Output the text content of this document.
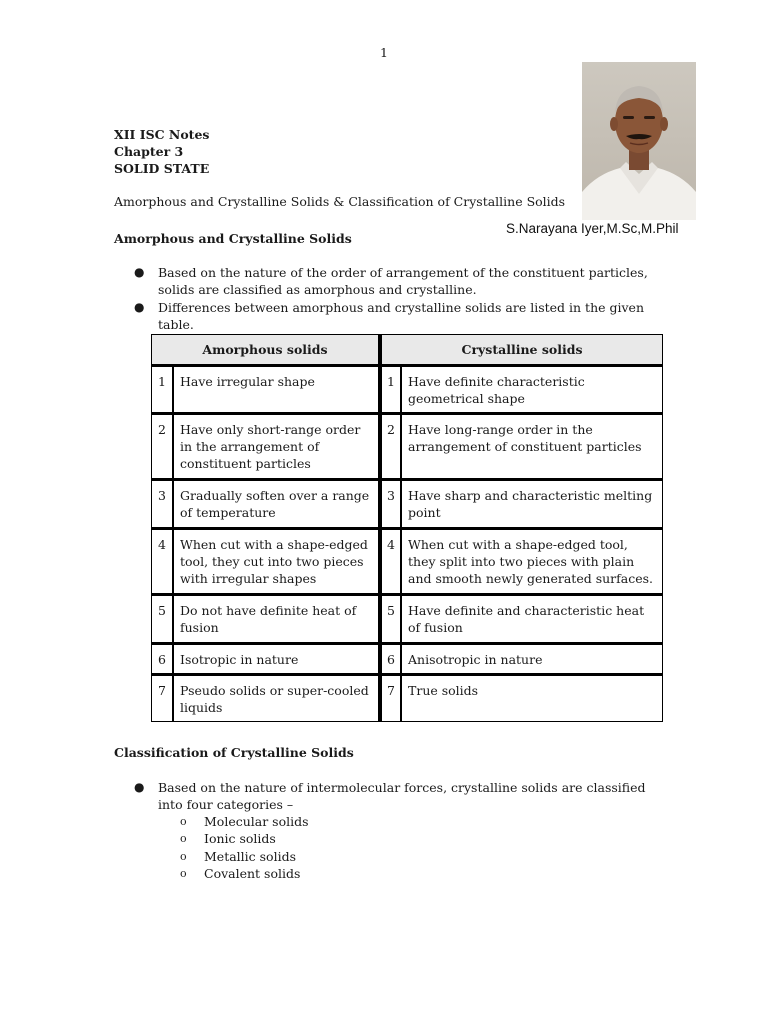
1
XII ISC Notes
Chapter 3
SOLID STATE
Amorphous and Crystalline Solids & Classification of Crystalline Solids
S.Narayana Iyer,M.Sc,M.Phil
Amorphous and Crystalline Solids
● Based on the nature of the order of arrangement of the constituent particles, solids are classified as amorphous and crystalline.
● Differences between amorphous and crystalline solids are listed in the given table.
Amorphous solids		Crystalline solids	
1	Have irregular shape	1	Have definite characteristic geometrical shape
2	Have only short-range order in the arrangement of constituent particles	2	Have long-range order in the arrangement of constituent particles
3	Gradually soften over a range of temperature	3	Have sharp and characteristic melting point
4	When cut with a shape-edged tool, they cut into two pieces with irregular shapes	4	When cut with a shape-edged tool, they split into two pieces with plain and smooth newly generated surfaces.
5	Do not have definite heat of fusion	5	Have definite and characteristic heat of fusion
6	Isotropic in nature	6	Anisotropic in nature
7	Pseudo solids or super-cooled liquids	7	True solids
Classification of Crystalline Solids
● Based on the nature of intermolecular forces, crystalline solids are classified into four categories –
o Molecular solids
o Ionic solids
o Metallic solids
o Covalent solids
